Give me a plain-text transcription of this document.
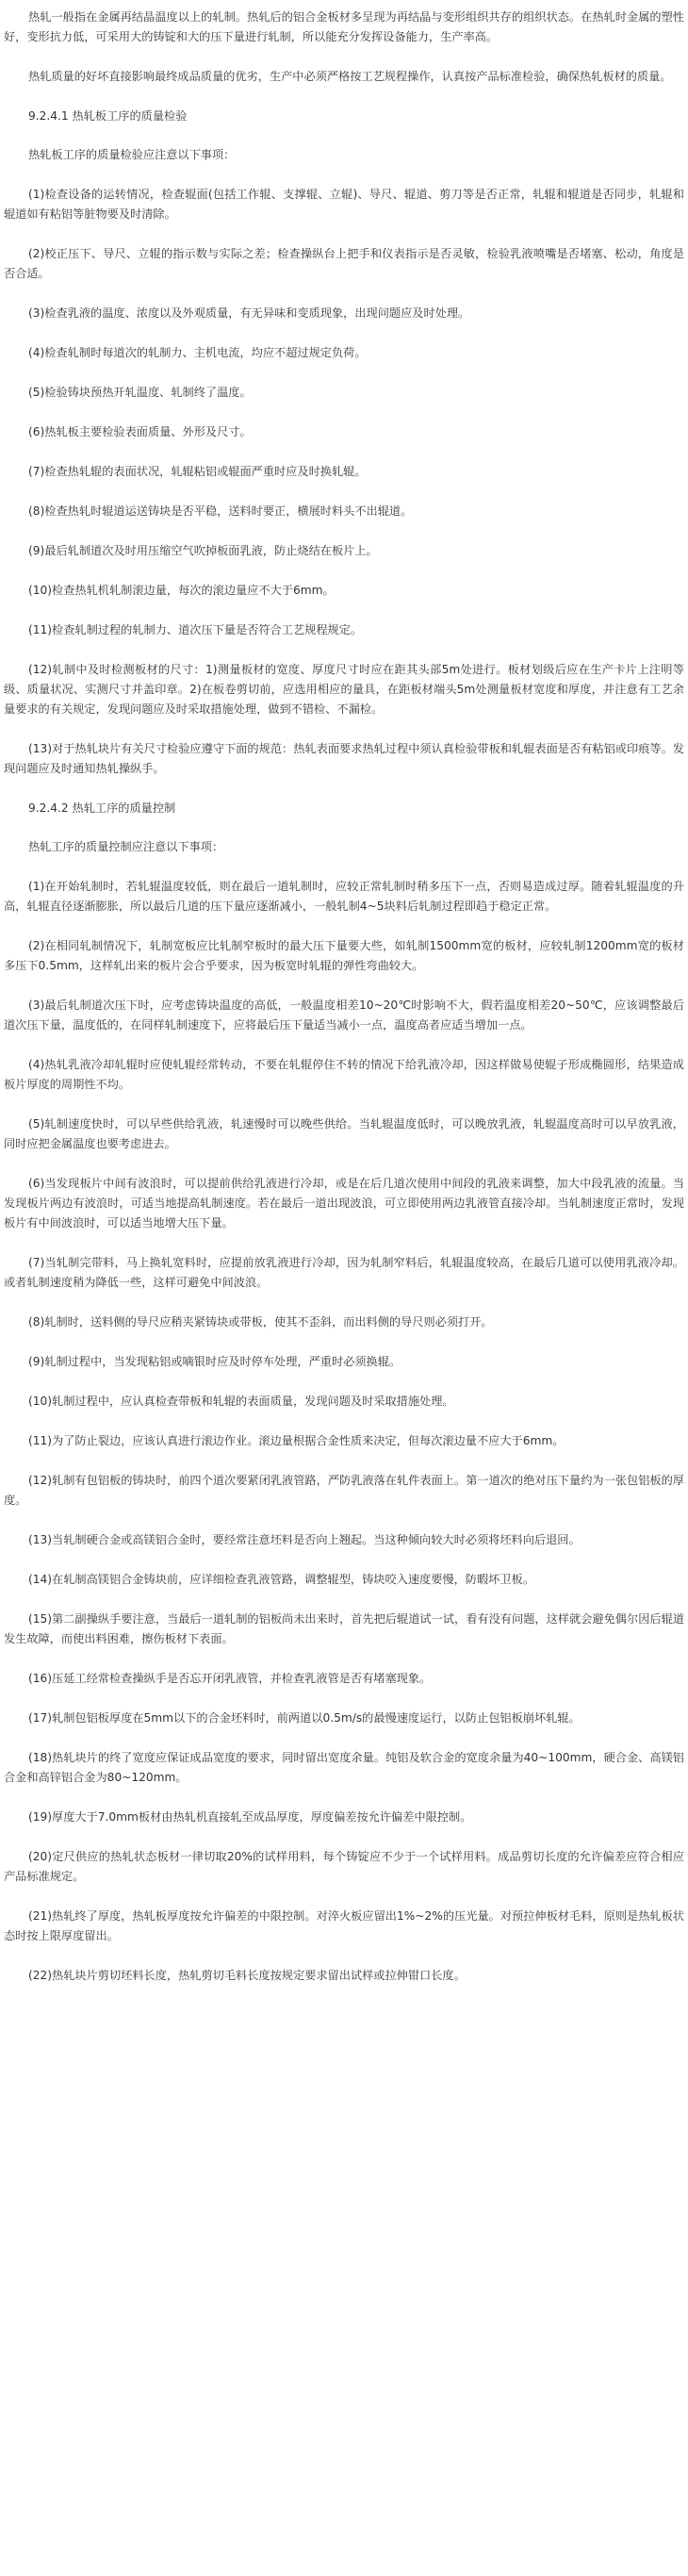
热轧一般指在金属再结晶温度以上的轧制。热轧后的铝合金板材多呈现为再结晶与变形组织共存的组织状态。在热轧时金属的塑性好，变形抗力低，可采用大的铸锭和大的压下量进行轧制，所以能充分发挥设备能力，生产率高。

热轧质量的好坏直接影响最终成品质量的优劣，生产中必须严格按工艺规程操作，认真按产品标准检验，确保热轧板材的质量。

9.2.4.1 热轧板工序的质量检验

热轧板工序的质量检验应注意以下事项：

(1)检查设备的运转情况，检查辊面(包括工作辊、支撑辊、立辊)、导尺、辊道、剪刀等是否正常，轧辊和辊道是否同步，轧辊和辊道如有粘铝等脏物要及时清除。

(2)校正压下、导尺、立辊的指示数与实际之差；检查操纵台上把手和仪表指示是否灵敏，检验乳液喷嘴是否堵塞、松动，角度是否合适。

(3)检查乳液的温度、浓度以及外观质量，有无异味和变质现象，出现问题应及时处理。

(4)检查轧制时每道次的轧制力、主机电流，均应不超过规定负荷。

(5)检验铸块预热开轧温度、轧制终了温度。

(6)热轧板主要检验表面质量、外形及尺寸。

(7)检查热轧辊的表面状况，轧辊粘铝或辊面严重时应及时换轧辊。

(8)检查热轧时辊道运送铸块是否平稳，送料时要正，横展时料头不出辊道。

(9)最后轧制道次及时用压缩空气吹掉板面乳液，防止烧结在板片上。

(10)检查热轧机轧制滚边量，每次的滚边量应不大于6mm。

(11)检查轧制过程的轧制力、道次压下量是否符合工艺规程规定。

(12)轧制中及时检测板材的尺寸：1)测量板材的宽度、厚度尺寸时应在距其头部5m处进行。板材划级后应在生产卡片上注明等级、质量状况、实测尺寸并盖印章。2)在板卷剪切前，应选用相应的量具，在距板材端头5m处测量板材宽度和厚度，并注意有工艺余量要求的有关规定，发现问题应及时采取措施处理，做到不错检、不漏检。

(13)对于热轧块片有关尺寸检验应遵守下面的规范：热轧表面要求热轧过程中须认真检验带板和轧辊表面是否有粘铝或印痕等。发现问题应及时通知热轧操纵手。

9.2.4.2 热轧工序的质量控制

热轧工序的质量控制应注意以下事项：

(1)在开始轧制时，若轧辊温度较低，则在最后一道轧制时，应较正常轧制时稍多压下一点，否则易造成过厚。随着轧辊温度的升高，轧辊直径逐渐膨胀，所以最后几道的压下量应逐渐减小，一般轧制4~5块料后轧制过程即趋于稳定正常。

(2)在相同轧制情况下，轧制宽板应比轧制窄板时的最大压下量要大些，如轧制1500mm宽的板材，应较轧制1200mm宽的板材多压下0.5mm，这样轧出来的板片会合乎要求，因为板宽时轧辊的弹性弯曲较大。

(3)最后轧制道次压下时，应考虑铸块温度的高低，一般温度相差10~20℃时影响不大，假若温度相差20~50℃，应该调整最后道次压下量，温度低的，在同样轧制速度下，应将最后压下量适当减小一点，温度高者应适当增加一点。

(4)热轧乳液冷却轧辊时应使轧辊经常转动，不要在轧辊停住不转的情况下给乳液冷却，因这样做易使辊子形成椭圆形，结果造成板片厚度的周期性不均。

(5)轧制速度快时，可以早些供给乳液，轧速慢时可以晚些供给。当轧辊温度低时，可以晚放乳液，轧辊温度高时可以早放乳液，同时应把金属温度也要考虑进去。

(6)当发现板片中间有波浪时，可以提前供给乳液进行冷却，或是在后几道次使用中间段的乳液来调整，加大中段乳液的流量。当发现板片两边有波浪时，可适当地提高轧制速度。若在最后一道出现波浪，可立即使用两边乳液管直接冷却。当轧制速度正常时，发现板片有中间波浪时，可以适当地增大压下量。

(7)当轧制完带料，马上换轧宽料时，应提前放乳液进行冷却，因为轧制窄料后，轧辊温度较高，在最后几道可以使用乳液冷却。或者轧制速度稍为降低一些，这样可避免中间波浪。

(8)轧制时，送料侧的导尺应稍夹紧铸块或带板，使其不歪斜，而出料侧的导尺则必须打开。

(9)轧制过程中，当发现粘铝或嘀银时应及时停车处理，严重时必须换辊。

(10)轧制过程中，应认真检查带板和轧辊的表面质量，发现问题及时采取措施处理。

(11)为了防止裂边，应该认真进行滚边作业。滚边量根据合金性质来决定，但每次滚边量不应大于6mm。

(12)轧制有包铝板的铸块时，前四个道次要紧闭乳液管路，严防乳液落在轧件表面上。第一道次的绝对压下量约为一张包铝板的厚度。

(13)当轧制硬合金或高镁铝合金时，要经常注意坯料是否向上翘起。当这种倾向较大时必须将坯料向后退回。

(14)在轧制高镁铝合金铸块前，应详细检查乳液管路，调整辊型，铸块咬入速度要慢，防暇坏卫板。

(15)第二副操纵手要注意，当最后一道轧制的铝板尚未出来时，首先把后辊道试一试，看有没有问题，这样就会避免偶尔因后辊道发生故障，而使出料困难，擦伤板材下表面。

(16)压延工经常检查操纵手是否忘开闭乳液管，并检查乳液管是否有堵塞现象。

(17)轧制包铝板厚度在5mm以下的合金坯料时，前两道以0.5m/s的最慢速度运行，以防止包铝板崩坏轧辊。

(18)热轧块片的终了宽度应保证成品宽度的要求，同时留出宽度余量。纯铝及软合金的宽度余量为40~100mm，硬合金、高镁铝合金和高锌铝合金为80~120mm。

(19)厚度大于7.0mm板材由热轧机直接轧至成品厚度，厚度偏差按允许偏差中限控制。

(20)定尺供应的热轧状态板材一律切取20%的试样用料，每个铸锭应不少于一个试样用料。成品剪切长度的允许偏差应符合相应产品标准规定。

(21)热轧终了厚度，热轧板厚度按允许偏差的中限控制。对淬火板应留出1%~2%的压光量。对预拉伸板材毛料，原则是热轧板状态时按上限厚度留出。

(22)热轧块片剪切坯料长度，热轧剪切毛料长度按规定要求留出试样或拉伸钳口长度。
